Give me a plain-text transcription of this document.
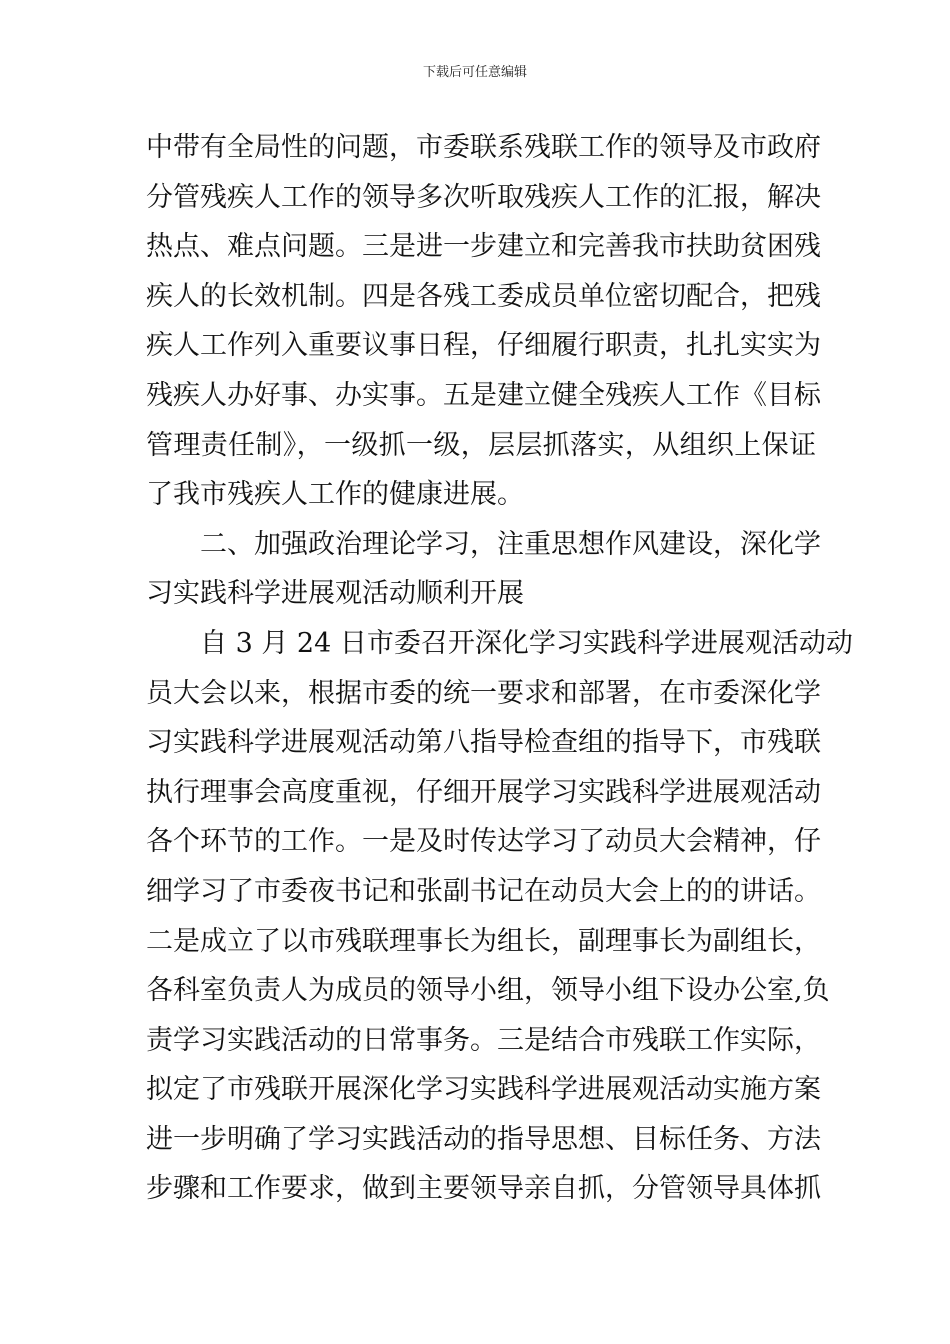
下载后可任意编辑
中带有全局性的问题，市委联系残联工作的领导及市政府
分管残疾人工作的领导多次听取残疾人工作的汇报，解决
热点、难点问题。三是进一步建立和完善我市扶助贫困残
疾人的长效机制。四是各残工委成员单位密切配合，把残
疾人工作列入重要议事日程，仔细履行职责，扎扎实实为
残疾人办好事、办实事。五是建立健全残疾人工作《目标
管理责任制》，一级抓一级，层层抓落实，从组织上保证
了我市残疾人工作的健康进展。
二、加强政治理论学习，注重思想作风建设，深化学
习实践科学进展观活动顺利开展
自 3 月 24 日市委召开深化学习实践科学进展观活动动
员大会以来，根据市委的统一要求和部署，在市委深化学
习实践科学进展观活动第八指导检查组的指导下，市残联
执行理事会高度重视，仔细开展学习实践科学进展观活动
各个环节的工作。一是及时传达学习了动员大会精神，仔
细学习了市委夜书记和张副书记在动员大会上的的讲话。
二是成立了以市残联理事长为组长，副理事长为副组长，
各科室负责人为成员的领导小组，领导小组下设办公室,负
责学习实践活动的日常事务。三是结合市残联工作实际，
拟定了市残联开展深化学习实践科学进展观活动实施方案
进一步明确了学习实践活动的指导思想、目标任务、方法
步骤和工作要求，做到主要领导亲自抓，分管领导具体抓
